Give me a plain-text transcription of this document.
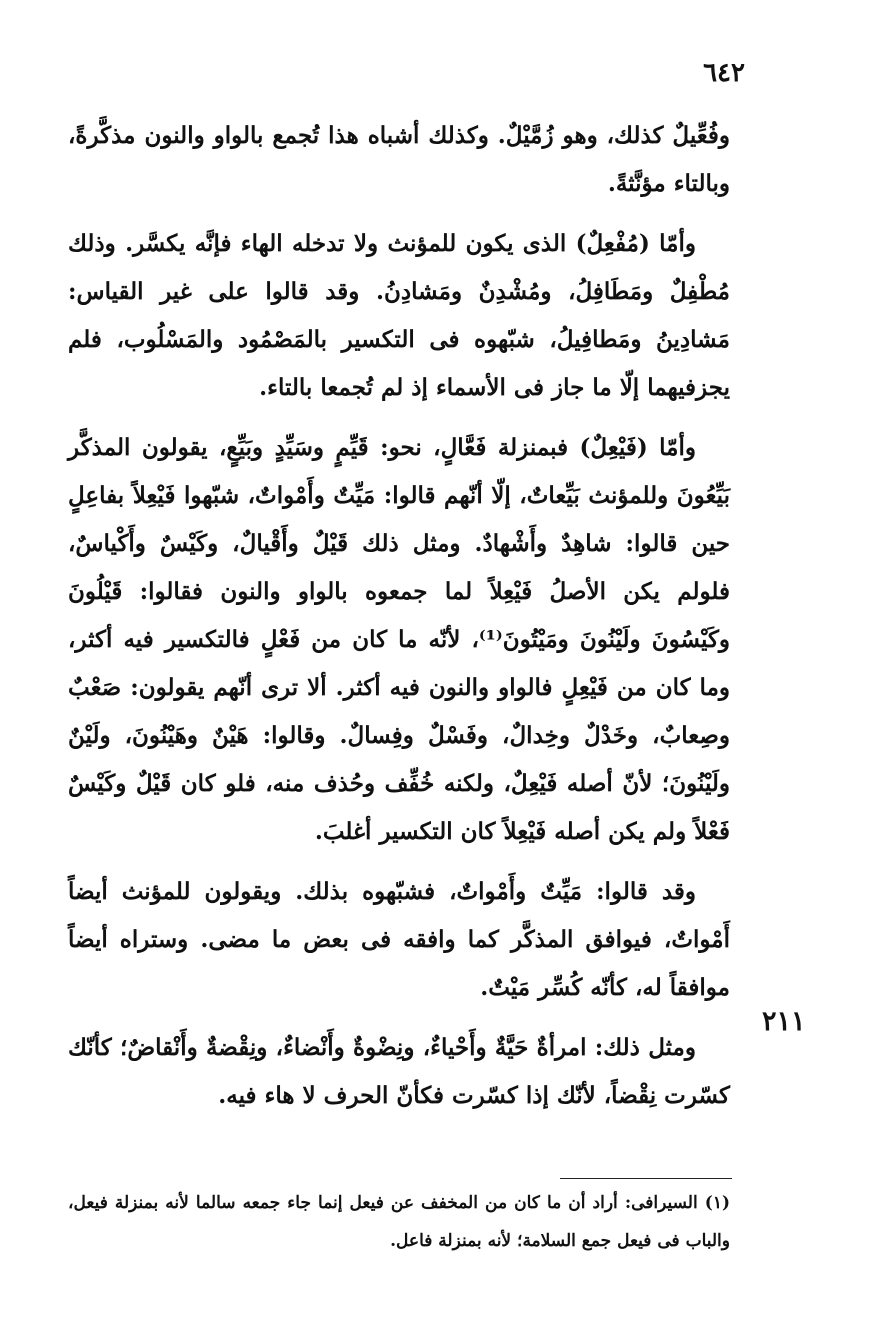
٦٤٢

وفُعِّيلٌ كذلك، وهو زُمَّيْلٌ. وكذلك أشباه هذا تُجمع بالواو والنون مذكَّرةً، وبالتاء مؤنَّثةً.

وأمّا (مُفْعِلٌ) الذى يكون للمؤنث ولا تدخله الهاء فإنَّه يكسَّر. وذلك مُطْفِلٌ ومَطَافِلُ، ومُشْدِنٌ ومَشادِنُ. وقد قالوا على غير القياس: مَشادِينُ ومَطافِيلُ، شبّهوه فى التكسير بالمَصْمُود والمَسْلُوب، فلم يجزفيهما إلّا ما جاز فى الأسماء إذ لم تُجمعا بالتاء.

وأمّا (فَيْعِلٌ) فبمنزلة فَعَّالٍ، نحو: قَيِّمٍ وسَيِّدٍ وبَيِّعٍ، يقولون المذكَّر بَيِّعُونَ وللمؤنث بَيِّعاتٌ، إلّا أنّهم قالوا: مَيِّتٌ وأَمْواتٌ، شبّهوا فَيْعِلاً بفاعِلٍ حين قالوا: شاهِدٌ وأَشْهادٌ. ومثل ذلك قَيْلٌ وأَقْيالٌ، وكَيْسٌ وأَكْياسٌ، فلولم يكن الأصلُ فَيْعِلاً لما جمعوه بالواو والنون فقالوا: قَيْلُونَ وكَيْسُونَ ولَيْنُونَ ومَيْتُونَ⁽¹⁾، لأنّه ما كان من فَعْلٍ فالتكسير فيه أكثر، وما كان من فَيْعِلٍ فالواو والنون فيه أكثر. ألا ترى أنّهم يقولون: صَعْبٌ وصِعابٌ، وخَدْلٌ وخِدالٌ، وفَسْلٌ وفِسالٌ. وقالوا: هَيْنٌ وهَيْنُونَ، ولَيْنٌ ولَيْنُونَ؛ لأنّ أصله فَيْعِلٌ، ولكنه خُفِّف وحُذف منه، فلو كان قَيْلٌ وكَيْسٌ فَعْلاً ولم يكن أصله فَيْعِلاً كان التكسير أغلبَ.

وقد قالوا: مَيِّتٌ وأَمْواتٌ، فشبّهوه بذلك. ويقولون للمؤنث أيضاً أَمْواتٌ، فيوافق المذكَّر كما وافقه فى بعض ما مضى. وستراه أيضاً موافقاً له، كأنّه كُسِّر مَيْتٌ.

ومثل ذلك: امرأةٌ حَيَّةٌ وأَحْياءٌ، ونِضْوةٌ وأَنْضاءٌ، ونِقْضةٌ وأَنْقاضٌ؛ كأنّك كسّرت نِقْضاً، لأنّك إذا كسّرت فكأنّ الحرف لا هاء فيه.

٢١١

(١) السيرافى: أراد أن ما كان من المخفف عن فيعل إنما جاء جمعه سالما لأنه بمنزلة فيعل، والباب فى فيعل جمع السلامة؛ لأنه بمنزلة فاعل.
